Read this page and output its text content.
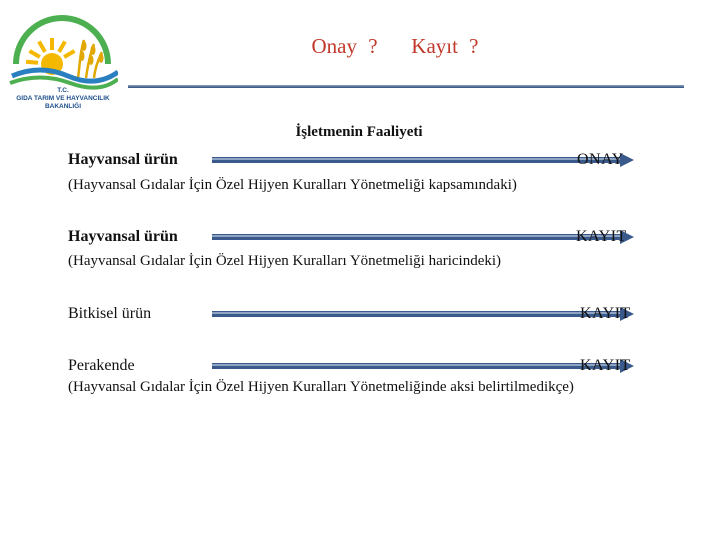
T.C.
GIDA TARIM VE HAYVANCILIK
BAKANLIĞI
Onay ?   Kayıt ?
İşletmenin Faaliyeti
Hayvansal ürün	ONAY
(Hayvansal Gıdalar İçin Özel Hijyen Kuralları Yönetmeliği kapsamındaki)
Hayvansal ürün	KAYIT
(Hayvansal Gıdalar İçin Özel Hijyen Kuralları Yönetmeliği haricindeki)
Bitkisel ürün	KAYIT
Perakende	KAYIT
(Hayvansal Gıdalar İçin Özel Hijyen Kuralları Yönetmeliğinde aksi belirtilmedikçe)
